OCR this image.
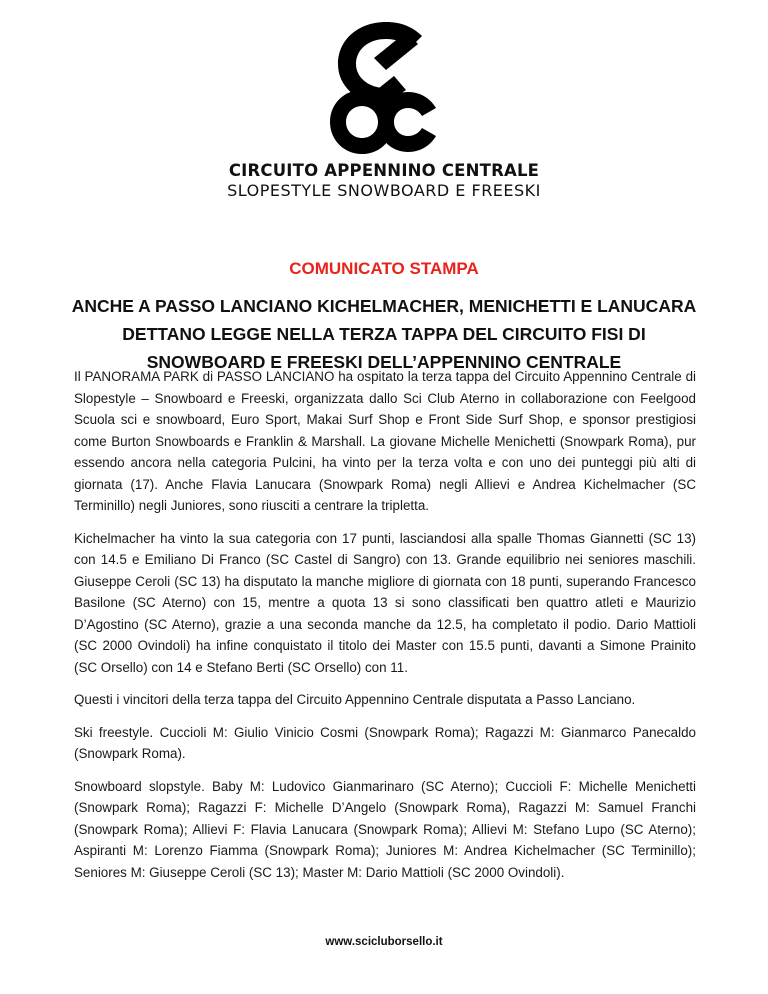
CIRCUITO APPENNINO CENTRALE
SLOPESTYLE SNOWBOARD E FREESKI
COMUNICATO STAMPA
ANCHE A PASSO LANCIANO KICHELMACHER, MENICHETTI E LANUCARA
DETTANO LEGGE NELLA TERZA TAPPA DEL CIRCUITO FISI DI
SNOWBOARD E FREESKI DELL’APPENNINO CENTRALE

Il PANORAMA PARK di PASSO LANCIANO ha ospitato la terza tappa del Circuito Appennino Centrale di Slopestyle – Snowboard e Freeski, organizzata dallo Sci Club Aterno in collaborazione con Feelgood Scuola sci e snowboard, Euro Sport, Makai Surf Shop e Front Side Surf Shop, e sponsor prestigiosi come Burton Snowboards e Franklin & Marshall. La giovane Michelle Menichetti (Snowpark Roma), pur essendo ancora nella categoria Pulcini, ha vinto per la terza volta e con uno dei punteggi più alti di giornata (17). Anche Flavia Lanucara (Snowpark Roma) negli Allievi e Andrea Kichelmacher (SC Terminillo) negli Juniores, sono riusciti a centrare la tripletta.

Kichelmacher ha vinto la sua categoria con 17 punti, lasciandosi alla spalle Thomas Giannetti (SC 13) con 14.5 e Emiliano Di Franco (SC Castel di Sangro) con 13. Grande equilibrio nei seniores maschili. Giuseppe Ceroli (SC 13) ha disputato la manche migliore di giornata con 18 punti, superando Francesco Basilone (SC Aterno) con 15, mentre a quota 13 si sono classificati ben quattro atleti e Maurizio D’Agostino (SC Aterno), grazie a una seconda manche da 12.5, ha completato il podio. Dario Mattioli (SC 2000 Ovindoli) ha infine conquistato il titolo dei Master con 15.5 punti, davanti a Simone Prainito (SC Orsello) con 14 e Stefano Berti (SC Orsello) con 11.

Questi i vincitori della terza tappa del Circuito Appennino Centrale disputata a Passo Lanciano.

Ski freestyle. Cuccioli M: Giulio Vinicio Cosmi (Snowpark Roma); Ragazzi M: Gianmarco Panecaldo (Snowpark Roma).

Snowboard slopstyle. Baby M: Ludovico Gianmarinaro (SC Aterno); Cuccioli F: Michelle Menichetti (Snowpark Roma); Ragazzi F: Michelle D’Angelo (Snowpark Roma), Ragazzi M: Samuel Franchi (Snowpark Roma); Allievi F: Flavia Lanucara (Snowpark Roma); Allievi M: Stefano Lupo (SC Aterno); Aspiranti M: Lorenzo Fiamma (Snowpark Roma); Juniores M: Andrea Kichelmacher (SC Terminillo); Seniores M: Giuseppe Ceroli (SC 13); Master M: Dario Mattioli (SC 2000 Ovindoli).

www.scicluborsello.it
